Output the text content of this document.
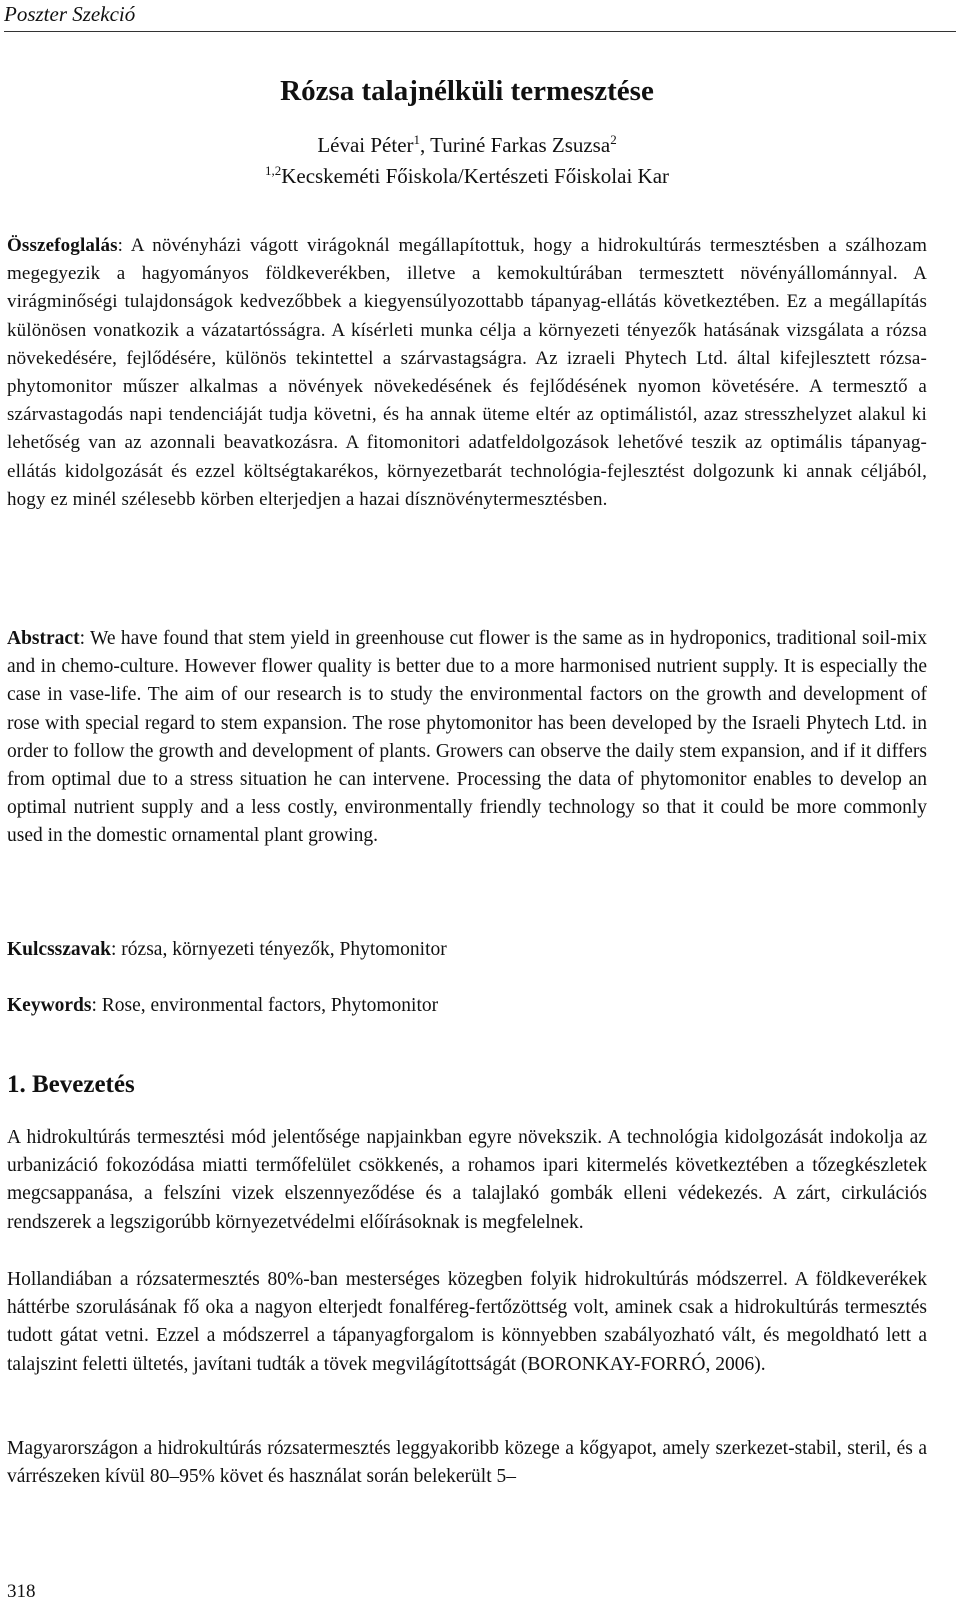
Poszter Szekció
Rózsa talajnélküli termesztése
Lévai Péter$^1$, Turiné Farkas Zsuzsa$^2$
$^{1,2}$Kecskeméti Főiskola/Kertészeti Főiskolai Kar

Összefoglalás: A növényházi vágott virágoknál megállapítottuk, hogy a hidrokultúrás termesztésben a szálhozam megegyezik a hagyományos földkeverékben, illetve a kemokultúrában termesztett növényállománnyal. A virágminőségi tulajdonságok kedvezőbbek a kiegyensúlyozottabb tápanyag-ellátás következtében. Ez a megállapítás különösen vonatkozik a vázatartósságra. A kísérleti munka célja a környezeti tényezők hatásának vizsgálata a rózsa növekedésére, fejlődésére, különös tekintettel a szárvastagságra. Az izraeli Phytech Ltd. által kifejlesztett rózsa-phytomonitor műszer alkalmas a növények növekedésének és fejlődésének nyomon követésére. A termesztő a szárvastagodás napi tendenciáját tudja követni, és ha annak üteme eltér az optimálistól, azaz stresszhelyzet alakul ki lehetőség van az azonnali beavatkozásra. A fitomonitori adatfeldolgozások lehetővé teszik az optimális tápanyag-ellátás kidolgozását és ezzel költségtakarékos, környezetbarát technológia-fejlesztést dolgozunk ki annak céljából, hogy ez minél szélesebb körben elterjedjen a hazai dísznövénytermesztésben.

Abstract: We have found that stem yield in greenhouse cut flower is the same as in hydroponics, traditional soil-mix and in chemo-culture. However flower quality is better due to a more harmonised nutrient supply. It is especially the case in vase-life. The aim of our research is to study the environmental factors on the growth and development of rose with special regard to stem expansion. The rose phytomonitor has been developed by the Israeli Phytech Ltd. in order to follow the growth and development of plants. Growers can observe the daily stem expansion, and if it differs from optimal due to a stress situation he can intervene. Processing the data of phytomonitor enables to develop an optimal nutrient supply and a less costly, environmentally friendly technology so that it could be more commonly used in the domestic ornamental plant growing.

Kulcsszavak: rózsa, környezeti tényezők, Phytomonitor

Keywords: Rose, environmental factors, Phytomonitor

1. Bevezetés

A hidrokultúrás termesztési mód jelentősége napjainkban egyre növekszik. A technológia kidolgozását indokolja az urbanizáció fokozódása miatti termőfelület csökkenés, a rohamos ipari kitermelés következtében a tőzegkészletek megcsappanása, a felszíni vizek elszennyeződése és a talajlakó gombák elleni védekezés. A zárt, cirkulációs rendszerek a legszigorúbb környezetvédelmi előírásoknak is megfelelnek.

Hollandiában a rózsatermesztés 80%-ban mesterséges közegben folyik hidrokultúrás módszerrel. A földkeverékek háttérbe szorulásának fő oka a nagyon elterjedt fonalféreg-fertőzöttség volt, aminek csak a hidrokultúrás termesztés tudott gátat vetni. Ezzel a módszerrel a tápanyagforgalom is könnyebben szabályozható vált, és megoldható lett a talajszint feletti ültetés, javítani tudták a tövek megvilágítottságát (BORONKAY-FORRÓ, 2006).

Magyarországon a hidrokultúrás rózsatermesztés leggyakoribb közege a kőgyapot, amely szerkezet-stabil, steril, és a várrészeken kívül 80–95% követ és használat során belekerült 5–

318
